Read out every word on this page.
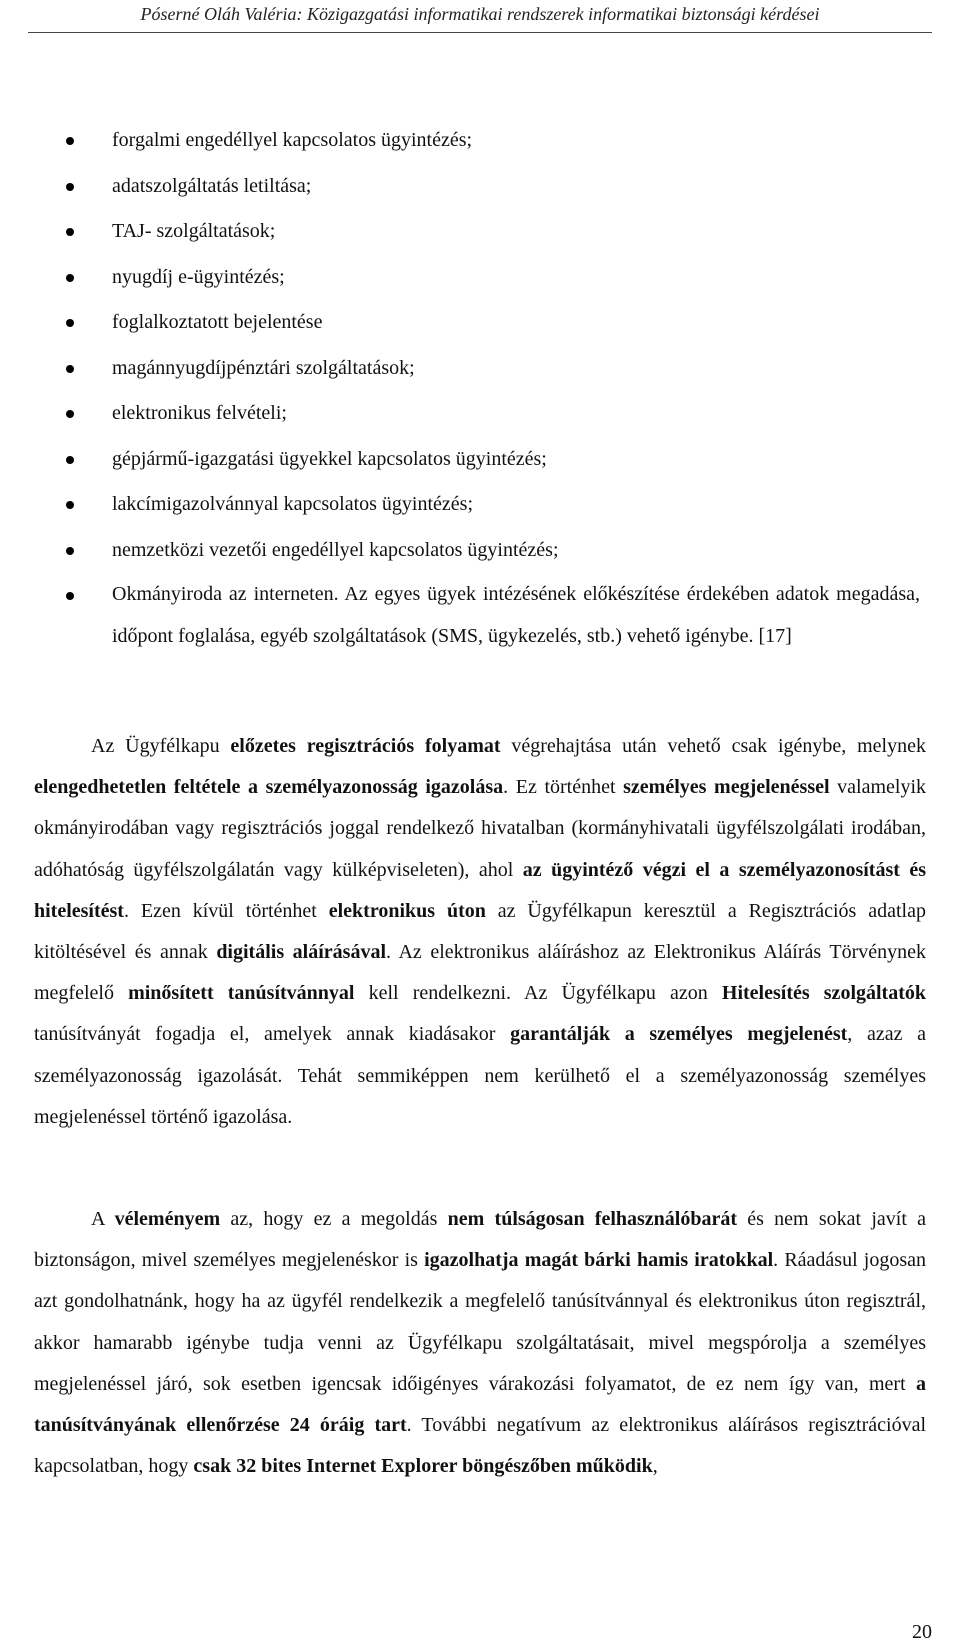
Póserné Oláh Valéria: Közigazgatási informatikai rendszerek informatikai biztonsági kérdései
forgalmi engedéllyel kapcsolatos ügyintézés;
adatszolgáltatás letiltása;
TAJ- szolgáltatások;
nyugdíj e-ügyintézés;
foglalkoztatott bejelentése
magánnyugdíjpénztári szolgáltatások;
elektronikus felvételi;
gépjármű-igazgatási ügyekkel kapcsolatos ügyintézés;
lakcímigazolvánnyal kapcsolatos ügyintézés;
nemzetközi vezetői engedéllyel kapcsolatos ügyintézés;
Okmányiroda az interneten. Az egyes ügyek intézésének előkészítése érdekében adatok megadása, időpont foglalása, egyéb szolgáltatások (SMS, ügykezelés, stb.) vehető igénybe. [17]

Az Ügyfélkapu előzetes regisztrációs folyamat végrehajtása után vehető csak igénybe, melynek elengedhetetlen feltétele a személyazonosság igazolása. Ez történhet személyes megjelenéssel valamelyik okmányirodában vagy regisztrációs joggal rendelkező hivatalban (kormányhivatali ügyfélszolgálati irodában, adóhatóság ügyfélszolgálatán vagy külképviseleten), ahol az ügyintéző végzi el a személyazonosítást és hitelesítést. Ezen kívül történhet elektronikus úton az Ügyfélkapun keresztül a Regisztrációs adatlap kitöltésével és annak digitális aláírásával. Az elektronikus aláíráshoz az Elektronikus Aláírás Törvénynek megfelelő minősített tanúsítvánnyal kell rendelkezni. Az Ügyfélkapu azon Hitelesítés szolgáltatók tanúsítványát fogadja el, amelyek annak kiadásakor garantálják a személyes megjelenést, azaz a személyazonosság igazolását. Tehát semmiképpen nem kerülhető el a személyazonosság személyes megjelenéssel történő igazolása.

A véleményem az, hogy ez a megoldás nem túlságosan felhasználóbarát és nem sokat javít a biztonságon, mivel személyes megjelenéskor is igazolhatja magát bárki hamis iratokkal. Ráadásul jogosan azt gondolhatnánk, hogy ha az ügyfél rendelkezik a megfelelő tanúsítvánnyal és elektronikus úton regisztrál, akkor hamarabb igénybe tudja venni az Ügyfélkapu szolgáltatásait, mivel megspórolja a személyes megjelenéssel járó, sok esetben igencsak időigényes várakozási folyamatot, de ez nem így van, mert a tanúsítványának ellenőrzése 24 óráig tart. További negatívum az elektronikus aláírásos regisztrációval kapcsolatban, hogy csak 32 bites Internet Explorer böngészőben működik,

20
